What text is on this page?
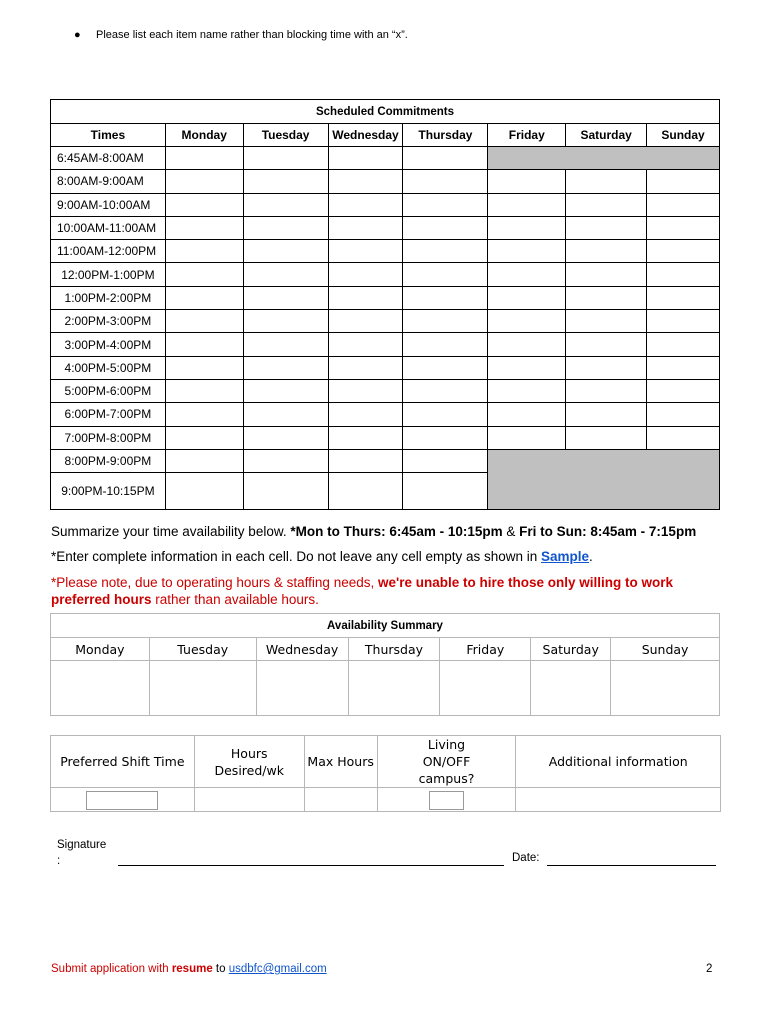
● Please list each item name rather than blocking time with an “x”.
Scheduled Commitments							
Times	Monday	Tuesday	Wednesday	Thursday	Friday	Saturday	Sunday
6:45AM-8:00AM							
8:00AM-9:00AM							
9:00AM-10:00AM							
10:00AM-11:00AM							
11:00AM-12:00PM							
12:00PM-1:00PM							
1:00PM-2:00PM							
2:00PM-3:00PM							
3:00PM-4:00PM							
4:00PM-5:00PM							
5:00PM-6:00PM							
6:00PM-7:00PM							
7:00PM-8:00PM							
8:00PM-9:00PM							
9:00PM-10:15PM							
Summarize your time availability below. *Mon to Thurs: 6:45am - 10:15pm & Fri to Sun: 8:45am - 7:15pm
*Enter complete information in each cell. Do not leave any cell empty as shown in Sample.
*Please note, due to operating hours & staffing needs, we're unable to hire those only willing to work
preferred hours rather than available hours.
Availability Summary						
Monday	Tuesday	Wednesday	Thursday	Friday	Saturday	Sunday

Preferred Shift Time	Hours Desired/wk	Max Hours	Living ON/OFF campus?	Additional information

Signature
:	Date:
Submit application with resume to usdbfc@gmail.com	2
